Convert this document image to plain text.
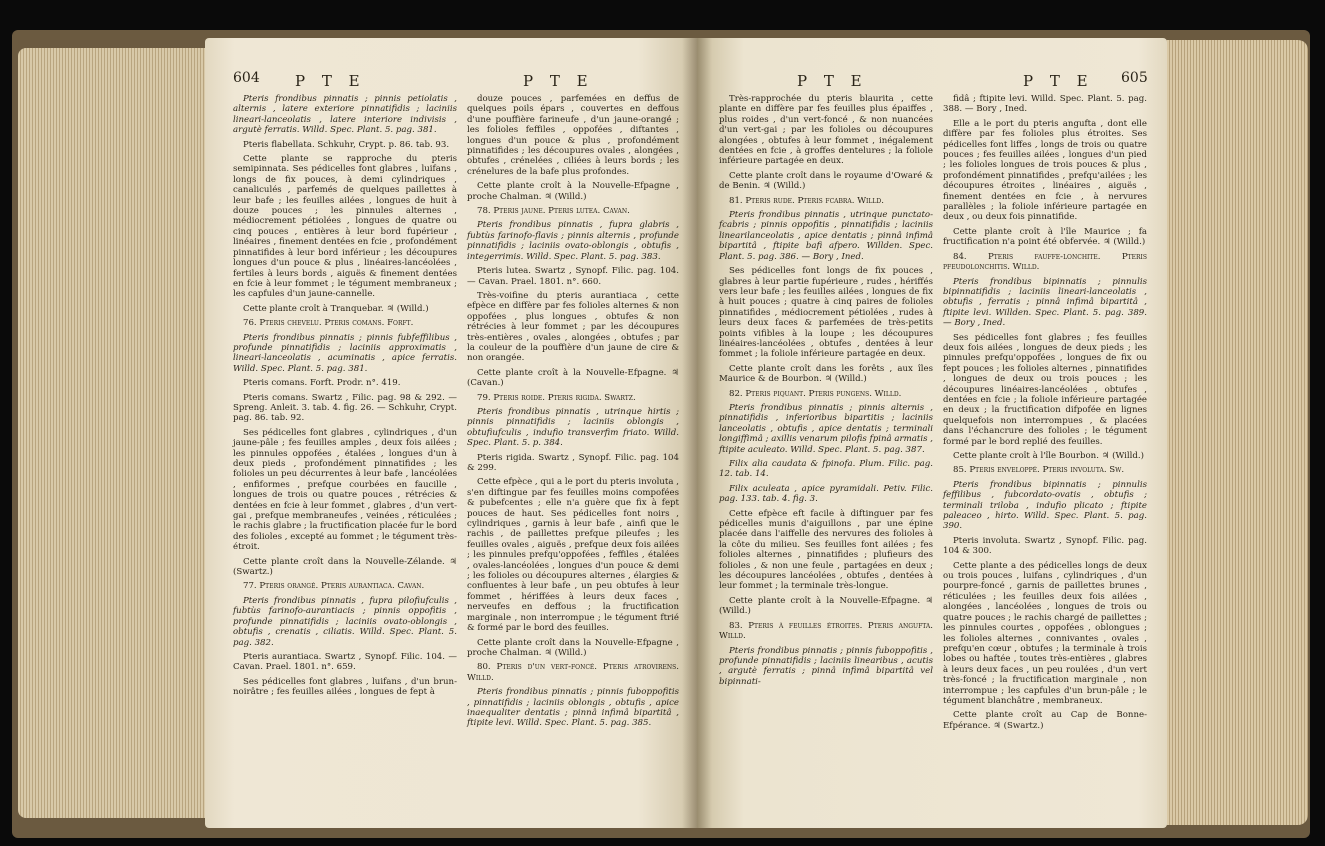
604 P T E	P T E

Pteris frondibus pinnatis ; pinnis petiolatis , alternis , latere exteriore pinnatifidis ; laciniis lineari-lanceolatis , latere interiore indivisis , argutè ferratis. Willd. Spec. Plant. 5. pag. 381.

Pteris flabellata. Schkuhr, Crypt. p. 86. tab. 93.

Cette plante se rapproche du pteris semipinnata. Ses pédicelles font glabres , luifans , longs de fix pouces, à demi cylindriques , canaliculés , parfemés de quelques paillettes à leur bafe ; les feuilles ailées , longues de huit à douze pouces ; les pinnules alternes , médiocrement pétiolées , longues de quatre ou cinq pouces , entières à leur bord fupérieur , linéaires , finement dentées en fcie , profondément pinnatifides à leur bord inférieur ; les découpures longues d'un pouce & plus , linéaires-lancéolées , fertiles à leurs bords , aiguës & finement dentées en fcie à leur fommet ; le tégument membraneux ; les capfules d'un jaune-cannelle.

Cette plante croît à Tranquebar. ♃ (Willd.)

76. Pteris chevelu. Pteris comans. Forft.

Pteris frondibus pinnatis ; pinnis fubfeffilibus , profunde pinnatifidis ; laciniis approximatis , lineari-lanceolatis , acuminatis , apice ferratis. Willd. Spec. Plant. 5. pag. 381.

Pteris comans. Forft. Prodr. n°. 419.

Pteris comans. Swartz , Filic. pag. 98 & 292. — Spreng. Anleit. 3. tab. 4. fig. 26. — Schkuhr, Crypt. pag. 86. tab. 92.

Ses pédicelles font glabres , cylindriques , d'un jaune-pâle ; fes feuilles amples , deux fois ailées ; les pinnules oppofées , étalées , longues d'un à deux pieds , profondément pinnatifides ; les folioles un peu décurrentes à leur bafe , lancéolées , enfiformes , prefque courbées en faucille , longues de trois ou quatre pouces , rétrécies & dentées en fcie à leur fommet , glabres , d'un vert-gai , prefque membraneufes , veinées , réticulées ; le rachis glabre ; la fructification placée fur le bord des folioles , excepté au fommet ; le tégument très-étroit.

Cette plante croît dans la Nouvelle-Zélande. ♃ (Swartz.)

77. Pteris orangé. Pteris aurantiaca. Cavan.

Pteris frondibus pinnatis , fupra pilofiufculis , fubtùs farinofo-aurantiacis ; pinnis oppofitis , profunde pinnatifidis ; laciniis ovato-oblongis , obtufis , crenatis , ciliatis. Willd. Spec. Plant. 5. pag. 382.

Pteris aurantiaca. Swartz , Synopf. Filic. 104. — Cavan. Prael. 1801. n°. 659.

Ses pédicelles font glabres , luifans , d'un brun-noirâtre ; fes feuilles ailées , longues de fept à

douze pouces , parfemées en deffus de quelques poils épars , couvertes en deffous d'une pouffière farineufe , d'un jaune-orangé ; les folioles feffiles , oppofées , diftantes , longues d'un pouce & plus , profondément pinnatifides ; les découpures ovales , alongées , obtufes , crénelées , ciliées à leurs bords ; les crénelures de la bafe plus profondes.

Cette plante croît à la Nouvelle-Efpagne , proche Chalman. ♃ (Willd.)

78. Pteris jaune. Pteris lutea. Cavan.

Pteris frondibus pinnatis , fupra glabris , fubtùs farinofo-flavis ; pinnis alternis , profunde pinnatifidis ; laciniis ovato-oblongis , obtufis , integerrimis. Willd. Spec. Plant. 5. pag. 383.

Pteris lutea. Swartz , Synopf. Filic. pag. 104. — Cavan. Prael. 1801. n°. 660.

Très-voifine du pteris aurantiaca , cette efpèce en diffère par fes folioles alternes & non oppofées , plus longues , obtufes & non rétrécies à leur fommet ; par les découpures très-entières , ovales , alongées , obtufes ; par la couleur de la pouffière d'un jaune de cire & non orangée.

Cette plante croît à la Nouvelle-Efpagne. ♃ (Cavan.)

79. Pteris roide. Pteris rigida. Swartz.

Pteris frondibus pinnatis , utrinque hirtis ; pinnis pinnatifidis ; laciniis oblongis , obtufiufculis , indufio transverfim friato. Willd. Spec. Plant. 5. p. 384.

Pteris rigida. Swartz , Synopf. Filic. pag. 104 & 299.

Cette efpèce , qui a le port du pteris involuta , s'en diftingue par fes feuilles moins compofées & pubefcentes ; elle n'a guère que fix à fept pouces de haut. Ses pédicelles font noirs , cylindriques , garnis à leur bafe , ainfi que le rachis , de paillettes prefque pileufes ; les feuilles ovales , aiguës , prefque deux fois ailées ; les pinnules prefqu'oppofées , feffiles , étalées , ovales-lancéolées , longues d'un pouce & demi ; les folioles ou découpures alternes , élargies & confluentes à leur bafe , un peu obtufes à leur fommet , hériffées à leurs deux faces , nerveufes en deffous ; la fructification marginale , non interrompue ; le tégument ftrié & formé par le bord des feuilles.

Cette plante croît dans la Nouvelle-Efpagne , proche Chalman. ♃ (Willd.)

80. Pteris d'un vert-foncé. Pteris atrovirens. Willd.

Pteris frondibus pinnatis ; pinnis fuboppofitis , pinnatifidis ; laciniis oblongis , obtufis , apice inaequaliter dentatis ; pinnâ infimâ bipartitâ , ftipite levi. Willd. Spec. Plant. 5. pag. 385.

P T E	P T E 605

Très-rapprochée du pteris blaurita , cette plante en diffère par fes feuilles plus épaiffes , plus roides , d'un vert-foncé , & non nuancées d'un vert-gai ; par les folioles ou découpures alongées , obtufes à leur fommet , inégalement dentées en fcie , à groffes dentelures ; la foliole inférieure partagée en deux.

Cette plante croît dans le royaume d'Owaré & de Benin. ♃ (Willd.)

81. Pteris rude. Pteris fcabra. Willd.

Pteris frondibus pinnatis , utrinque punctato-fcabris ; pinnis oppofitis , pinnatifidis ; laciniis linearilanceolatis , apice dentatis ; pinnâ infimâ bipartitâ , ftipite bafi afpero. Willden. Spec. Plant. 5. pag. 386. — Bory , Ined.

Ses pédicelles font longs de fix pouces , glabres à leur partie fupérieure , rudes , hériffés vers leur bafe ; les feuilles ailées , longues de fix à huit pouces ; quatre à cinq paires de folioles pinnatifides , médiocrement pétiolées , rudes à leurs deux faces & parfemées de très-petits points vifibles à la loupe ; les découpures linéaires-lancéolées , obtufes , dentées à leur fommet ; la foliole inférieure partagée en deux.

Cette plante croît dans les forêts , aux îles Maurice & de Bourbon. ♃ (Willd.)

82. Pteris piquant. Pteris pungens. Willd.

Pteris frondibus pinnatis ; pinnis alternis , pinnatifidis , inferioribus bipartitis ; laciniis lanceolatis , obtufis , apice dentatis ; terminali longiffimâ ; axillis venarum pilofis fpinâ armatis , ftipite aculeato. Willd. Spec. Plant. 5. pag. 387.

Filix alia caudata & fpinofa. Plum. Filic. pag. 12. tab. 14.

Filix aculeata , apice pyramidali. Petiv. Filic. pag. 133. tab. 4. fig. 3.

Cette efpèce eft facile à diftinguer par fes pédicelles munis d'aiguillons , par une épine placée dans l'aiffelle des nervures des folioles à la côte du milieu. Ses feuilles font ailées ; fes folioles alternes , pinnatifides ; plufieurs des folioles , & non une feule , partagées en deux ; les découpures lancéolées , obtufes , dentées à leur fommet ; la terminale très-longue.

Cette plante croît à la Nouvelle-Efpagne. ♃ (Willd.)

83. Pteris à feuilles étroites. Pteris angufta. Willd.

Pteris frondibus pinnatis ; pinnis fuboppofitis , profunde pinnatifidis ; laciniis linearibus , acutis , argutè ferratis ; pinnâ infimâ bipartitâ vel bipinnati-

fidâ ; ftipite levi. Willd. Spec. Plant. 5. pag. 388. — Bory , Ined.

Elle a le port du pteris angufta , dont elle diffère par fes folioles plus étroites. Ses pédicelles font liffes , longs de trois ou quatre pouces ; fes feuilles ailées , longues d'un pied ; les folioles longues de trois pouces & plus , profondément pinnatifides , prefqu'ailées ; les découpures étroites , linéaires , aiguës , finement dentées en fcie , à nervures parallèles ; la foliole inférieure partagée en deux , ou deux fois pinnatifide.

Cette plante croît à l'île Maurice ; fa fructification n'a point été obfervée. ♃ (Willd.)

84. Pteris fauffe-lonchite. Pteris pfeudolonchitis. Willd.

Pteris frondibus bipinnatis ; pinnulis bipinnatifidis ; laciniis lineari-lanceolatis , obtufis , ferratis ; pinnâ infimâ bipartitâ , ftipite levi. Willden. Spec. Plant. 5. pag. 389. — Bory , Ined.

Ses pédicelles font glabres ; fes feuilles deux fois ailées , longues de deux pieds ; les pinnules prefqu'oppofées , longues de fix ou fept pouces ; les folioles alternes , pinnatifides , longues de deux ou trois pouces ; les découpures linéaires-lancéolées , obtufes , dentées en fcie ; la foliole inférieure partagée en deux ; la fructification difpofée en lignes quelquefois non interrompues , & placées dans l'échancrure des folioles ; le tégument formé par le bord replié des feuilles.

Cette plante croît à l'île Bourbon. ♃ (Willd.)

85. Pteris enveloppé. Pteris involuta. Sw.

Pteris frondibus bipinnatis ; pinnulis feffilibus , fubcordato-ovatis , obtufis ; terminali triloba , indufio plicato ; ftipite paleaceo , hirto. Willd. Spec. Plant. 5. pag. 390.

Pteris involuta. Swartz , Synopf. Filic. pag. 104 & 300.

Cette plante a des pédicelles longs de deux ou trois pouces , luifans , cylindriques , d'un pourpre-foncé , garnis de paillettes brunes , réticulées ; les feuilles deux fois ailées , alongées , lancéolées , longues de trois ou quatre pouces ; le rachis chargé de paillettes ; les pinnules courtes , oppofées , oblongues ; les folioles alternes , connivantes , ovales , prefqu'en cœur , obtufes ; la terminale à trois lobes ou haftée , toutes très-entières , glabres à leurs deux faces , un peu roulées , d'un vert très-foncé ; la fructification marginale , non interrompue ; les capfules d'un brun-pâle ; le tégument blanchâtre , membraneux.

Cette plante croît au Cap de Bonne-Efpérance. ♃ (Swartz.)
